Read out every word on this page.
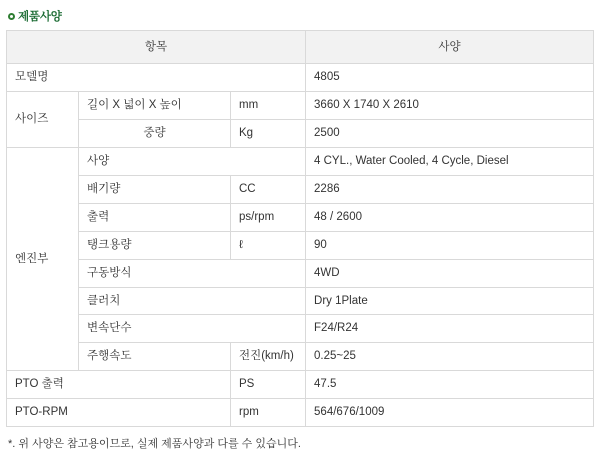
제품사양
항목			사양
모델명			4805
사이즈	길이 X 넓이 X 높이	mm	3660 X 1740 X 2610
	중량	Kg	2500
엔진부	사양		4 CYL., Water Cooled, 4 Cycle, Diesel
	배기량	CC	2286
	출력	ps/rpm	48 / 2600
	탱크용량	ℓ	90
	구동방식		4WD
	클러치		Dry 1Plate
	변속단수		F24/R24
	주행속도	전진(km/h)	0.25~25
PTO 출력		PS	47.5
PTO-RPM		rpm	564/676/1009
*. 위 사양은 참고용이므로, 실제 제품사양과 다를 수 있습니다.
